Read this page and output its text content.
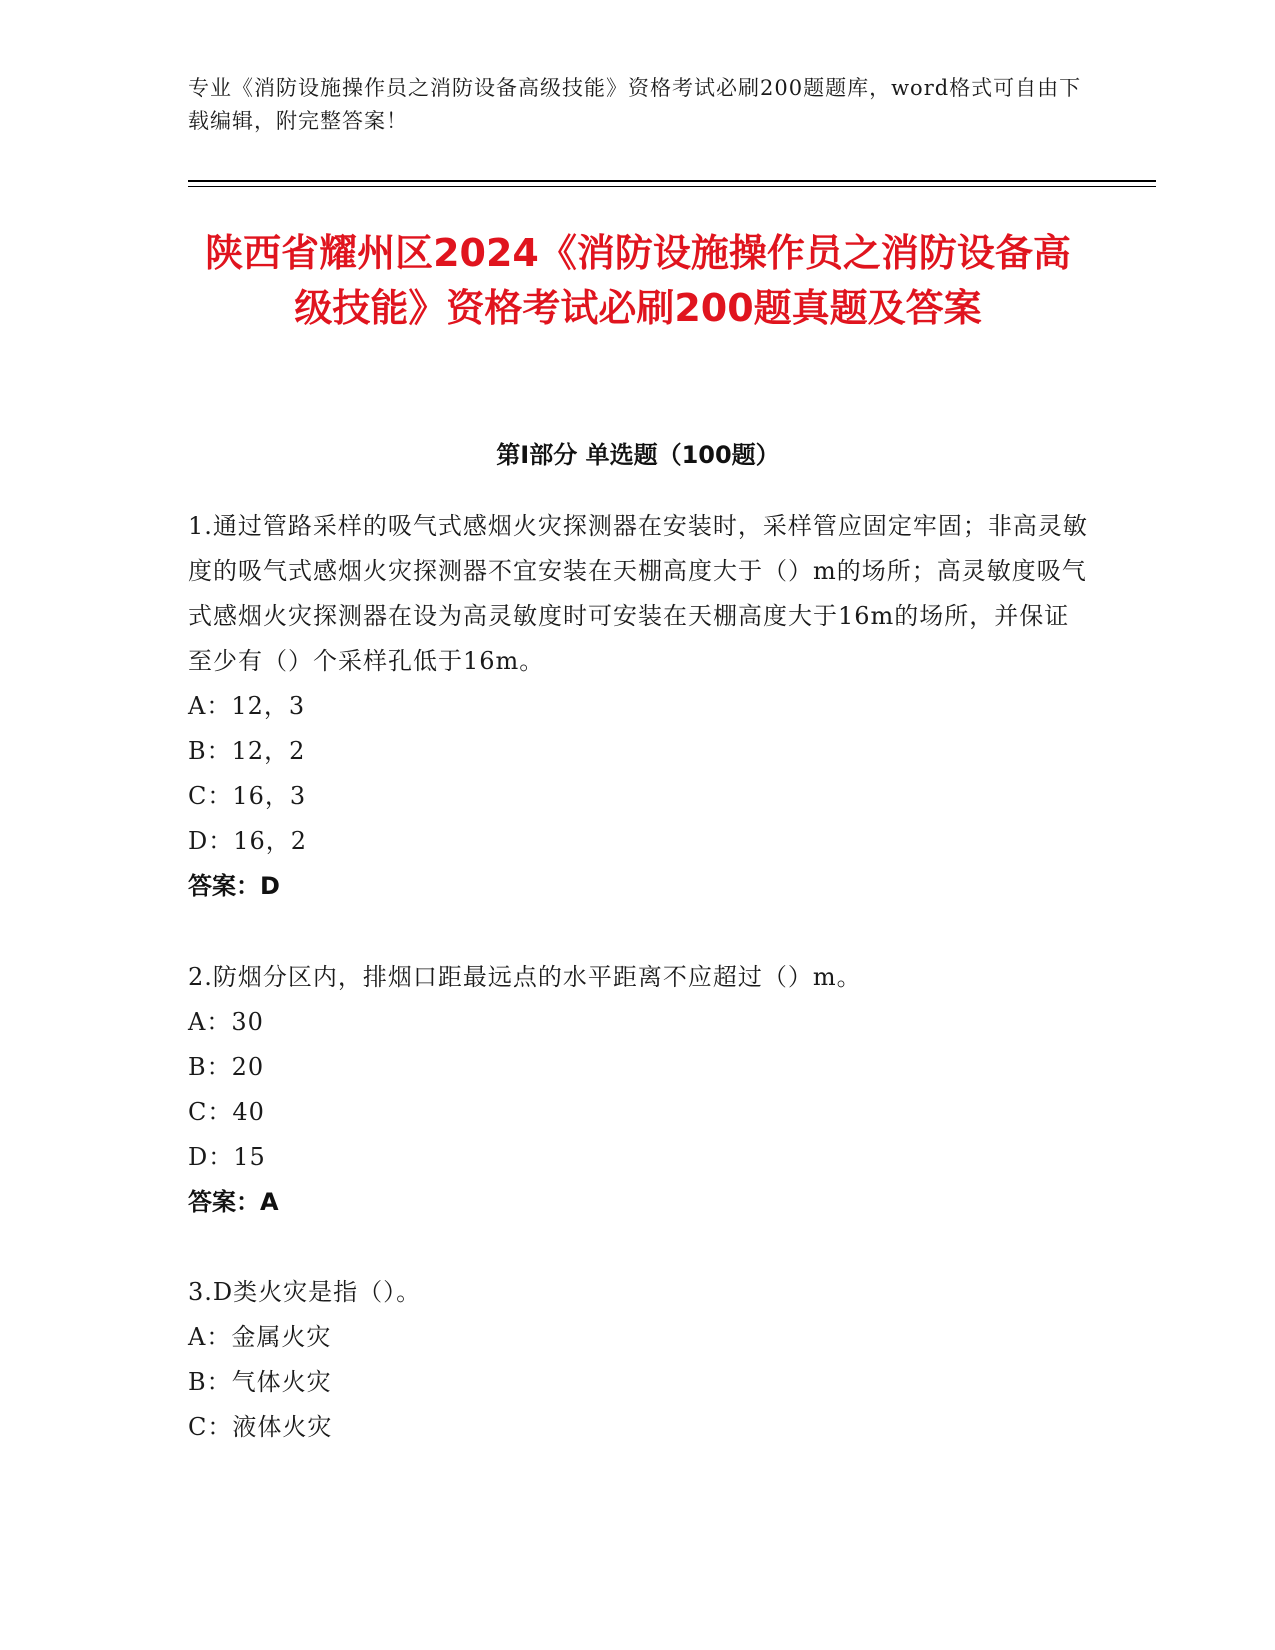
专业《消防设施操作员之消防设备高级技能》资格考试必刷200题题库，word格式可自由下载编辑，附完整答案！
陕西省耀州区2024《消防设施操作员之消防设备高级技能》资格考试必刷200题真题及答案
第Ⅰ部分 单选题（100题）
1.通过管路采样的吸气式感烟火灾探测器在安装时，采样管应固定牢固；非高灵敏度的吸气式感烟火灾探测器不宜安装在天棚高度大于（）m的场所；高灵敏度吸气式感烟火灾探测器在设为高灵敏度时可安装在天棚高度大于16m的场所，并保证至少有（）个采样孔低于16m。
A：12，3
B：12，2
C：16，3
D：16，2
答案：D
2.防烟分区内，排烟口距最远点的水平距离不应超过（）m。
A：30
B：20
C：40
D：15
答案：A
3.D类火灾是指（）。
A：金属火灾
B：气体火灾
C：液体火灾
